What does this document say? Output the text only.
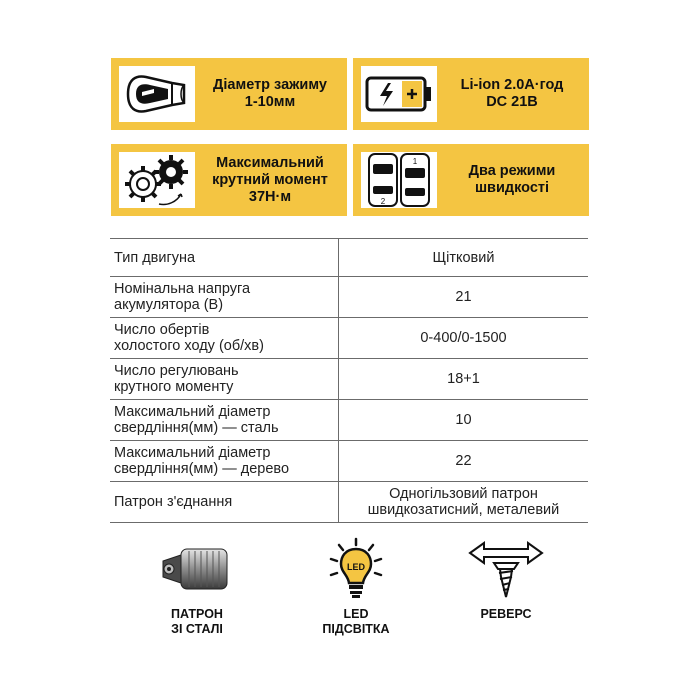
Діаметр зажиму
1-10мм
Li-ion 2.0А·год
DC 21B
Максимальний
крутний момент
37Н·м	2
1
Два режими
швидкості
Тип двигуна	Щітковий

Номінальна напруга
акумулятора (В)	21

Число обертів
холостого ходу (об/хв)	0-400/0-1500

Число регулювань
крутного моменту	18+1

Максимальний діаметр
свердління(мм) — сталь	10

Максимальний діаметр
свердління(мм) — дерево	22

Патрон з'єднання	Одногільзовий патрон
швидкозатисний, металевий
ПАТРОН
ЗІ СТАЛІ
LED
LED
ПІДСВІТКА
РЕВЕРС
